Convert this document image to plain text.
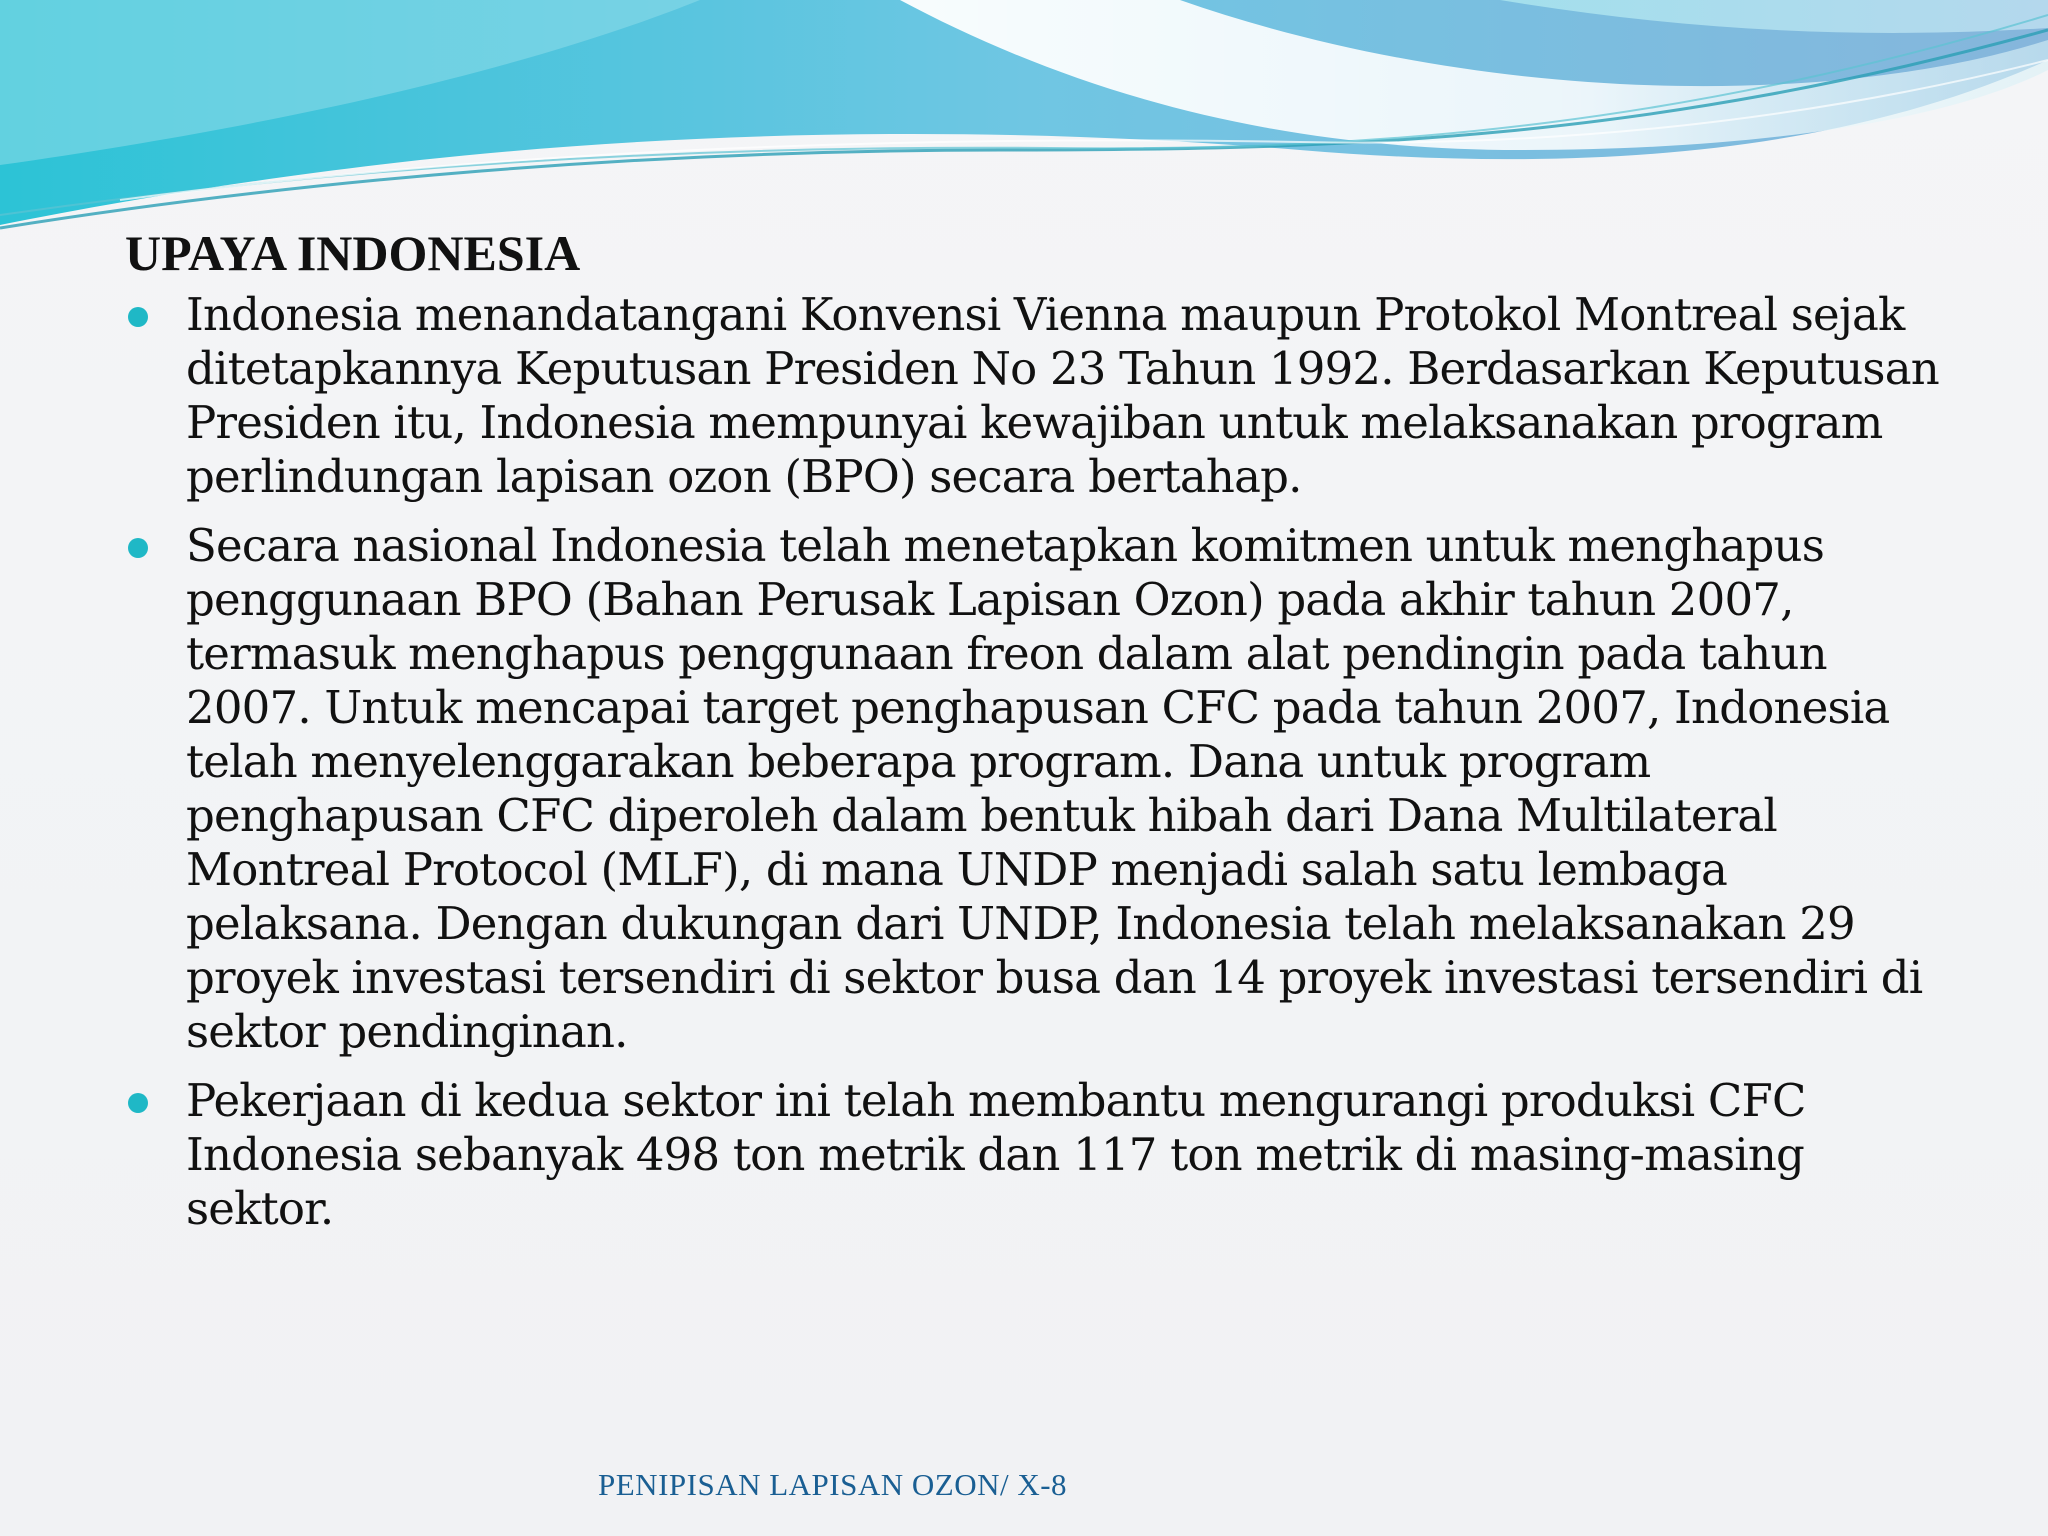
UPAYA INDONESIA
Indonesia menandatangani Konvensi Vienna maupun Protokol Montreal sejak ditetapkannya Keputusan Presiden No 23 Tahun 1992. Berdasarkan Keputusan Presiden itu, Indonesia mempunyai kewajiban untuk melaksanakan program perlindungan lapisan ozon (BPO) secara bertahap.
Secara nasional Indonesia telah menetapkan komitmen untuk menghapus penggunaan BPO (Bahan Perusak Lapisan Ozon) pada akhir tahun 2007, termasuk menghapus penggunaan freon dalam alat pendingin pada tahun 2007. Untuk mencapai target penghapusan CFC pada tahun 2007, Indonesia telah menyelenggarakan beberapa program. Dana untuk program penghapusan CFC diperoleh dalam bentuk hibah dari Dana Multilateral Montreal Protocol (MLF), di mana UNDP menjadi salah satu lembaga pelaksana. Dengan dukungan dari UNDP, Indonesia telah melaksanakan 29 proyek investasi tersendiri di sektor busa dan 14 proyek investasi tersendiri di sektor pendinginan.
Pekerjaan di kedua sektor ini telah membantu mengurangi produksi CFC Indonesia sebanyak 498 ton metrik dan 117 ton metrik di masing-masing sektor.
PENIPISAN LAPISAN OZON/ X-8
